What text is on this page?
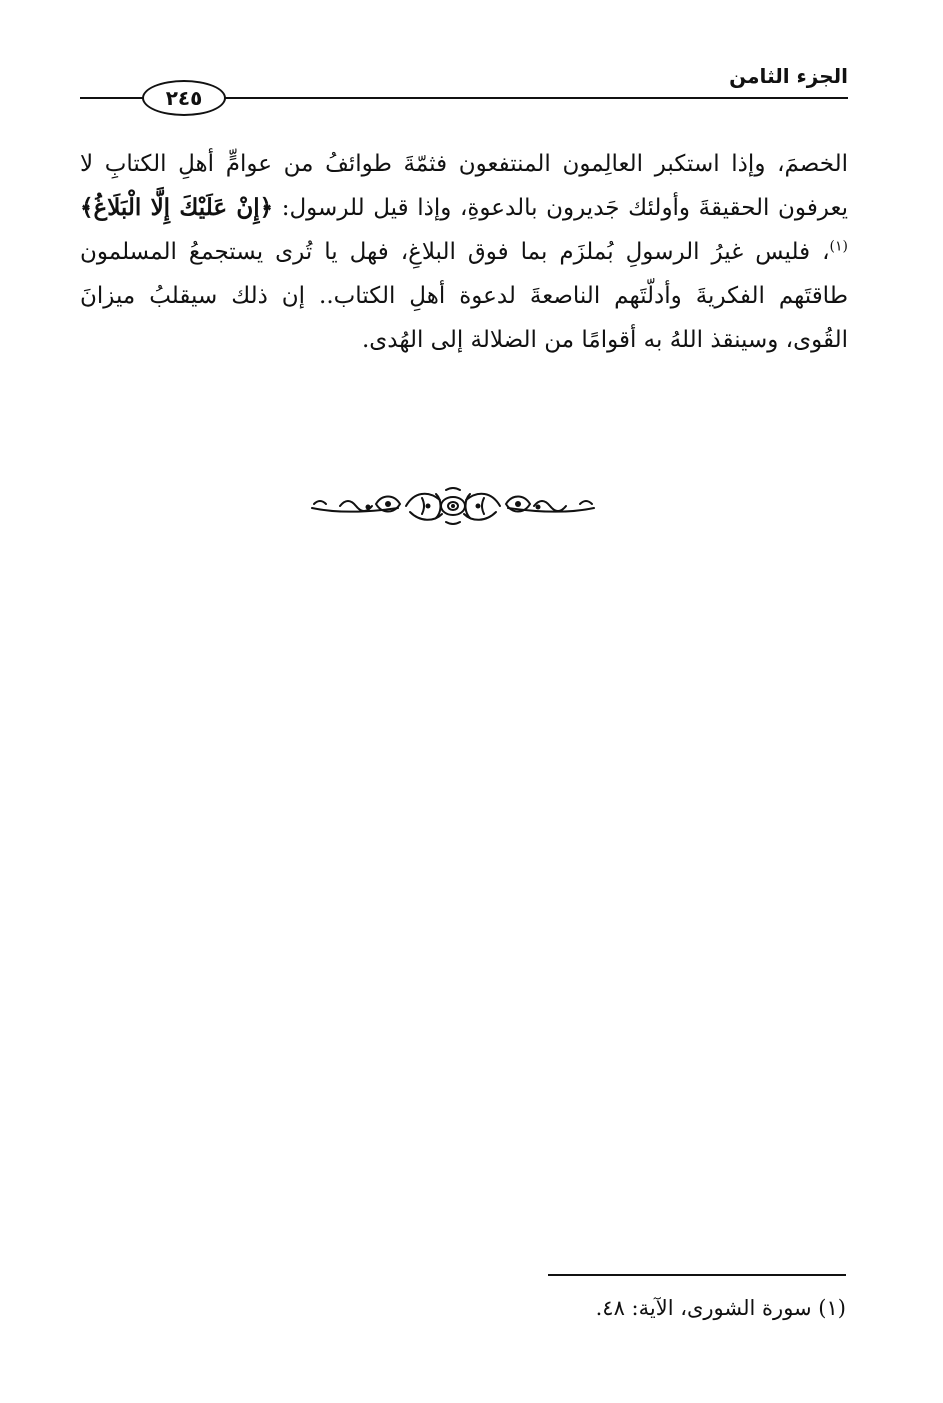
٢٤٥
الجزء الثامن

الخصمَ، وإذا استكبر العالِمون المنتفعون فثمّةَ طوائفُ من عوامٍّ أهلِ الكتابِ لا يعرفون الحقيقةَ وأولئك جَديرون بالدعوةِ، وإذا قيل للرسول: ﴿إِنْ عَلَيْكَ إِلَّا الْبَلَاغُ﴾$^{(١)}$، فليس غيرُ الرسولِ بُملزَم بما فوق البلاغِ، فهل يا تُرى يستجمعُ المسلمون طاقتَهم الفكريةَ وأدلّتَهم الناصعةَ لدعوة أهلِ الكتاب.. إن ذلك سيقلبُ ميزانَ القُوى، وسينقذ اللهُ به أقوامًا من الضلالة إلى الهُدى.

(١) سورة الشورى، الآية: ٤٨.
